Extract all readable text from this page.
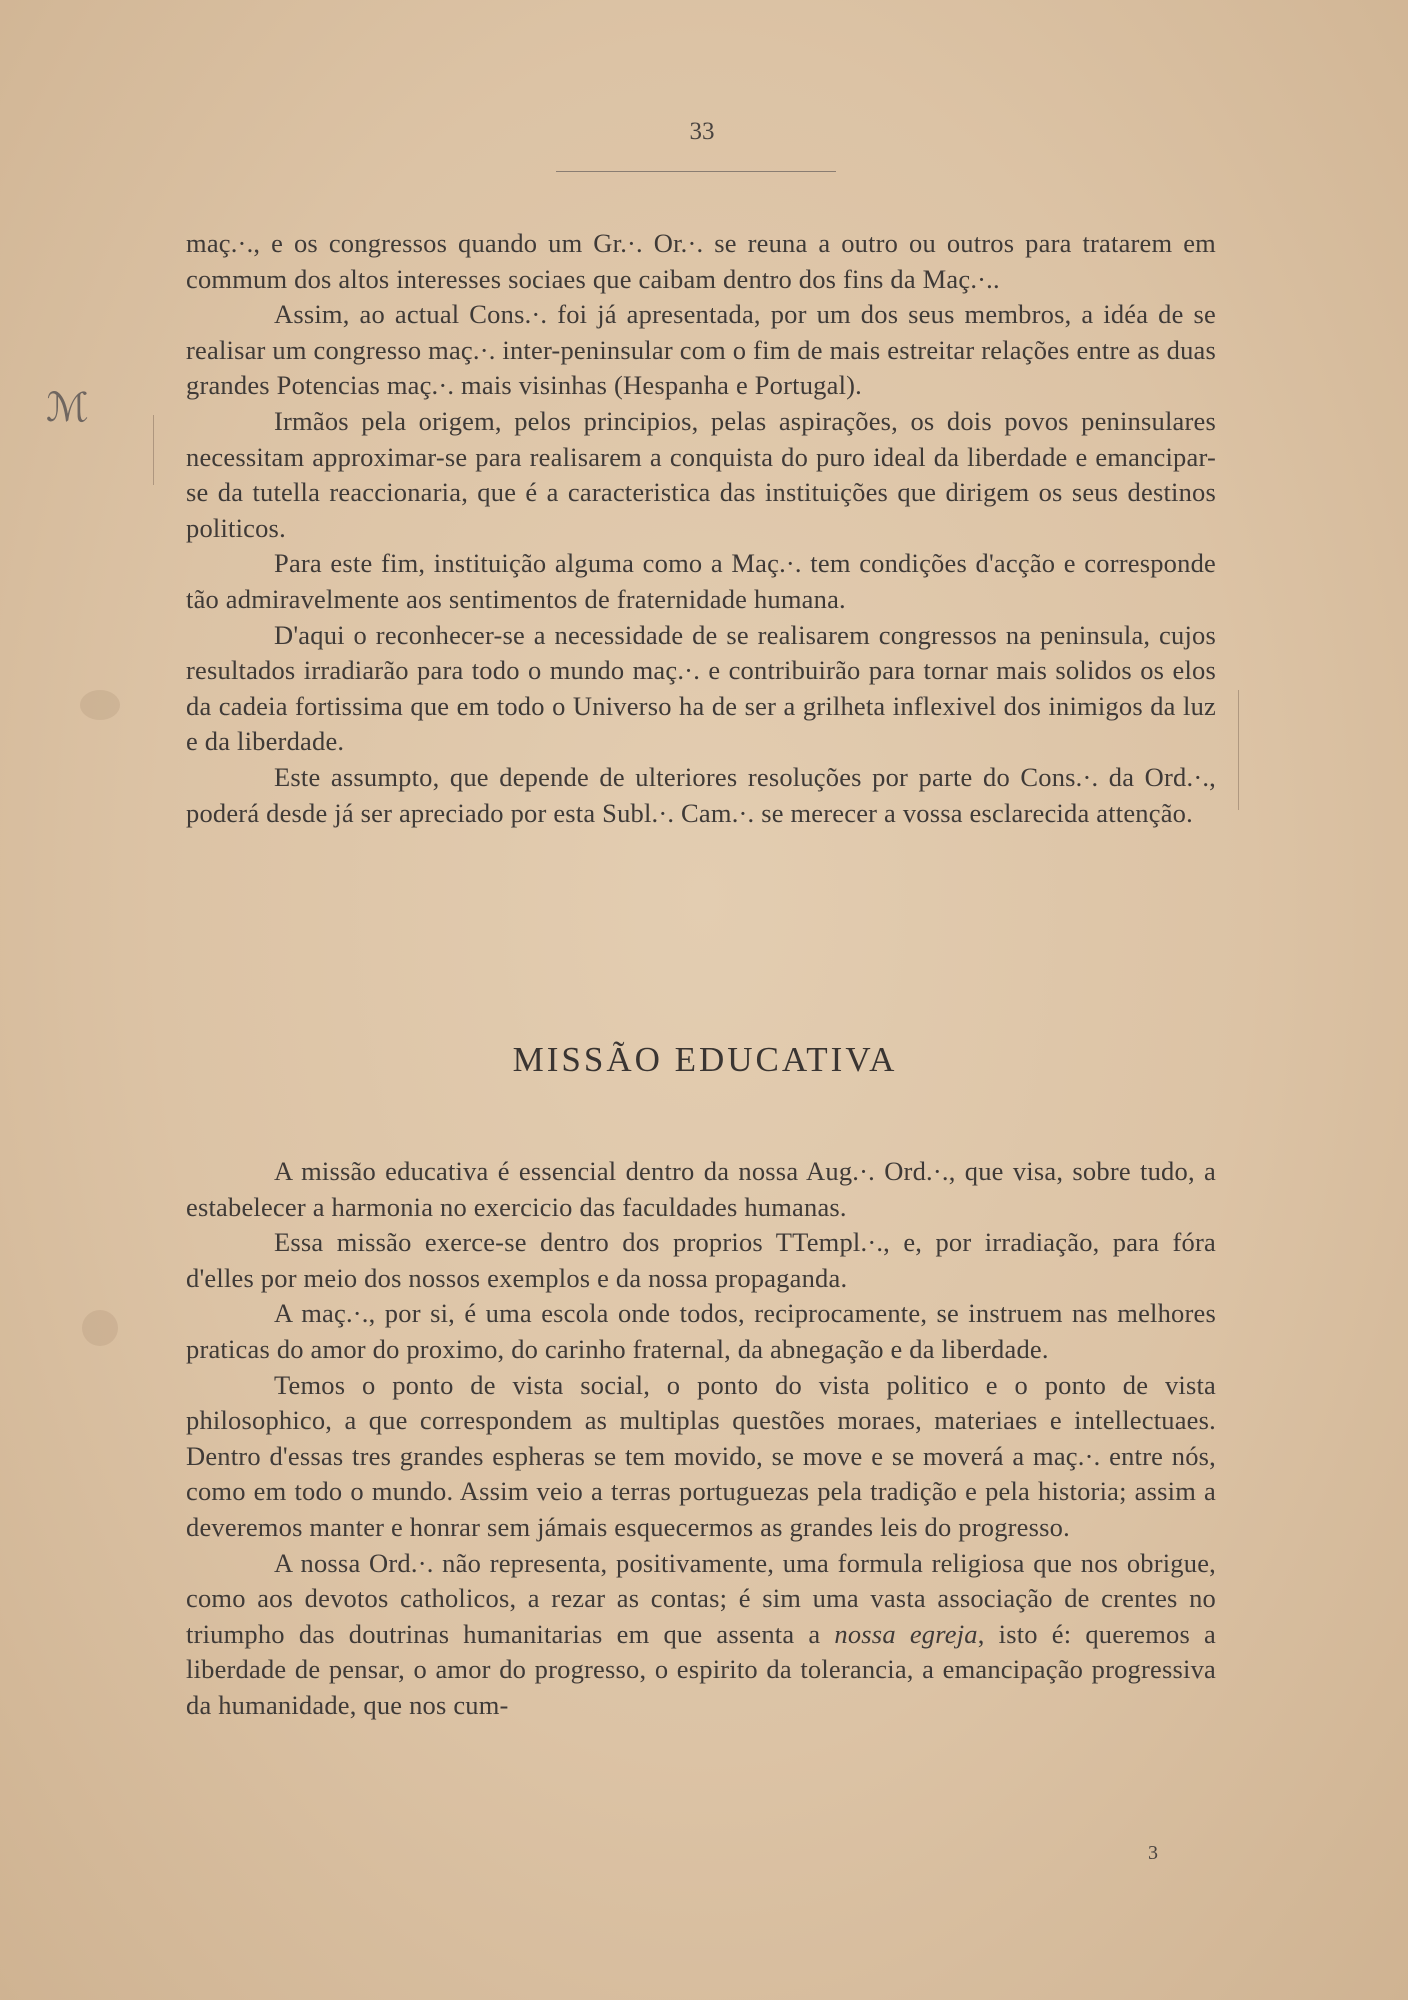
ℳ
33

maç.·., e os congressos quando um Gr.·. Or.·. se reuna a outro ou outros para tratarem em commum dos altos interesses sociaes que caibam dentro dos fins da Maç.·..

Assim, ao actual Cons.·. foi já apresentada, por um dos seus membros, a idéa de se realisar um congresso maç.·. inter-peninsular com o fim de mais estreitar relações entre as duas grandes Potencias maç.·. mais visinhas (Hespanha e Portugal).

Irmãos pela origem, pelos principios, pelas aspirações, os dois povos peninsulares necessitam approximar-se para realisarem a conquista do puro ideal da liberdade e emancipar-se da tutella reaccionaria, que é a caracteristica das instituições que dirigem os seus destinos politicos.

Para este fim, instituição alguma como a Maç.·. tem condições d'acção e corresponde tão admiravelmente aos sentimentos de fraternidade humana.

D'aqui o reconhecer-se a necessidade de se realisarem congressos na peninsula, cujos resultados irradiarão para todo o mundo maç.·. e contribuirão para tornar mais solidos os elos da cadeia fortissima que em todo o Universo ha de ser a grilheta inflexivel dos inimigos da luz e da liberdade.

Este assumpto, que depende de ulteriores resoluções por parte do Cons.·. da Ord.·., poderá desde já ser apreciado por esta Subl.·. Cam.·. se merecer a vossa esclarecida attenção.

MISSÃO EDUCATIVA

A missão educativa é essencial dentro da nossa Aug.·. Ord.·., que visa, sobre tudo, a estabelecer a harmonia no exercicio das faculdades humanas.

Essa missão exerce-se dentro dos proprios TTempl.·., e, por irradiação, para fóra d'elles por meio dos nossos exemplos e da nossa propaganda.

A maç.·., por si, é uma escola onde todos, reciprocamente, se instruem nas melhores praticas do amor do proximo, do carinho fraternal, da abnegação e da liberdade.

Temos o ponto de vista social, o ponto do vista politico e o ponto de vista philosophico, a que correspondem as multiplas questões moraes, materiaes e intellectuaes. Dentro d'essas tres grandes espheras se tem movido, se move e se moverá a maç.·. entre nós, como em todo o mundo. Assim veio a terras portuguezas pela tradição e pela historia; assim a deveremos manter e honrar sem jámais esquecermos as grandes leis do progresso.

A nossa Ord.·. não representa, positivamente, uma formula religiosa que nos obrigue, como aos devotos catholicos, a rezar as contas; é sim uma vasta associação de crentes no triumpho das doutrinas humanitarias em que assenta a nossa egreja, isto é: queremos a liberdade de pensar, o amor do progresso, o espirito da tolerancia, a emancipação progressiva da humanidade, que nos cum-

3
